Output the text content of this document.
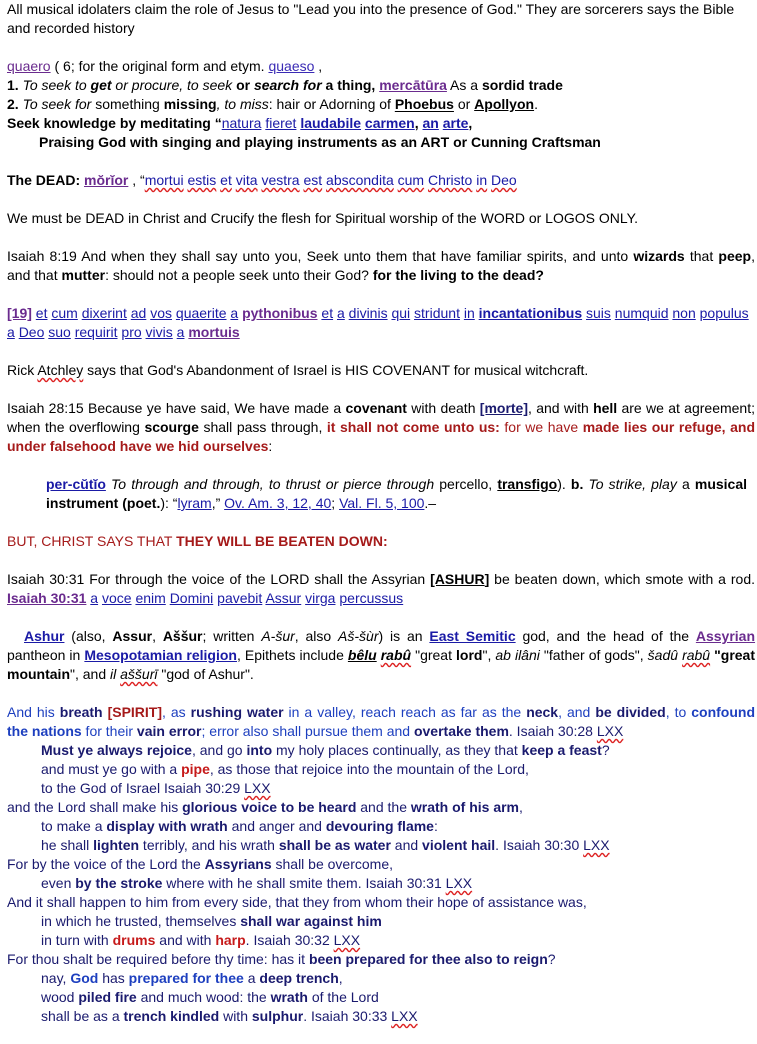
All musical idolaters claim the role of Jesus to "Lead you into the presence of God." They are sorcerers says the Bible and recorded history

quaero ( 6; for the original form and etym. quaeso ,

1. To seek to get or procure, to seek or search for a thing, mercātūra As a sordid trade

2. To seek for something missing, to miss: hair or Adorning of Phoebus or Apollyon.

Seek knowledge by meditating “natura fieret laudabile carmen, an arte,

Praising God with singing and playing instruments as an ART or Cunning Craftsman

The DEAD: mŏrĭor , “mortui estis et vita vestra est abscondita cum Christo in Deo

We must be DEAD in Christ and Crucify the flesh for Spiritual worship of the WORD or LOGOS ONLY.

Isaiah 8:19 And when they shall say unto you, Seek unto them that have familiar spirits, and unto wizards that peep, and that mutter: should not a people seek unto their God? for the living to the dead?

[19] et cum dixerint ad vos quaerite a pythonibus et a divinis qui stridunt in incantationibus suis numquid non populus a Deo suo requirit pro vivis a mortuis

Rick Atchley says that God's Abandonment of Israel is HIS COVENANT for musical witchcraft.

Isaiah 28:15 Because ye have said, We have made a covenant with death [morte], and with hell are we at agreement; when the overflowing scourge shall pass through, it shall not come unto us: for we have made lies our refuge, and under falsehood have we hid ourselves:

per-cŭtĭo To through and through, to thrust or pierce through percello, transfigo). b. To strike, play a musical instrument (poet.): “lyram,” Ov. Am. 3, 12, 40; Val. Fl. 5, 100.–

BUT, CHRIST SAYS THAT THEY WILL BE BEATEN DOWN:

Isaiah 30:31 For through the voice of the LORD shall the Assyrian [ASHUR] be beaten down, which smote with a rod. Isaiah 30:31 a voce enim Domini pavebit Assur virga percussus

Ashur (also, Assur, Aššur; written A-šur, also Aš-šùr) is an East Semitic god, and the head of the Assyrian pantheon in Mesopotamian religion, Epithets include bêlu rabû "great lord", ab ilâni "father of gods", šadû rabû "great mountain", and il aššurī "god of Ashur".

And his breath [SPIRIT], as rushing water in a valley, reach reach as far as the neck, and be divided, to confound the nations for their vain error; error also shall pursue them and overtake them. Isaiah 30:28 LXX

Must ye always rejoice, and go into my holy places continually, as they that keep a feast?

and must ye go with a pipe, as those that rejoice into the mountain of the Lord,

to the God of Israel Isaiah 30:29 LXX

and the Lord shall make his glorious voice to be heard and the wrath of his arm,

to make a display with wrath and anger and devouring flame:

he shall lighten terribly, and his wrath shall be as water and violent hail. Isaiah 30:30 LXX

For by the voice of the Lord the Assyrians shall be overcome,

even by the stroke where with he shall smite them. Isaiah 30:31 LXX

And it shall happen to him from every side, that they from whom their hope of assistance was,

in which he trusted, themselves shall war against him

in turn with drums and with harp. Isaiah 30:32 LXX

For thou shalt be required before thy time: has it been prepared for thee also to reign?

nay, God has prepared for thee a deep trench,

wood piled fire and much wood: the wrath of the Lord

shall be as a trench kindled with sulphur. Isaiah 30:33 LXX
